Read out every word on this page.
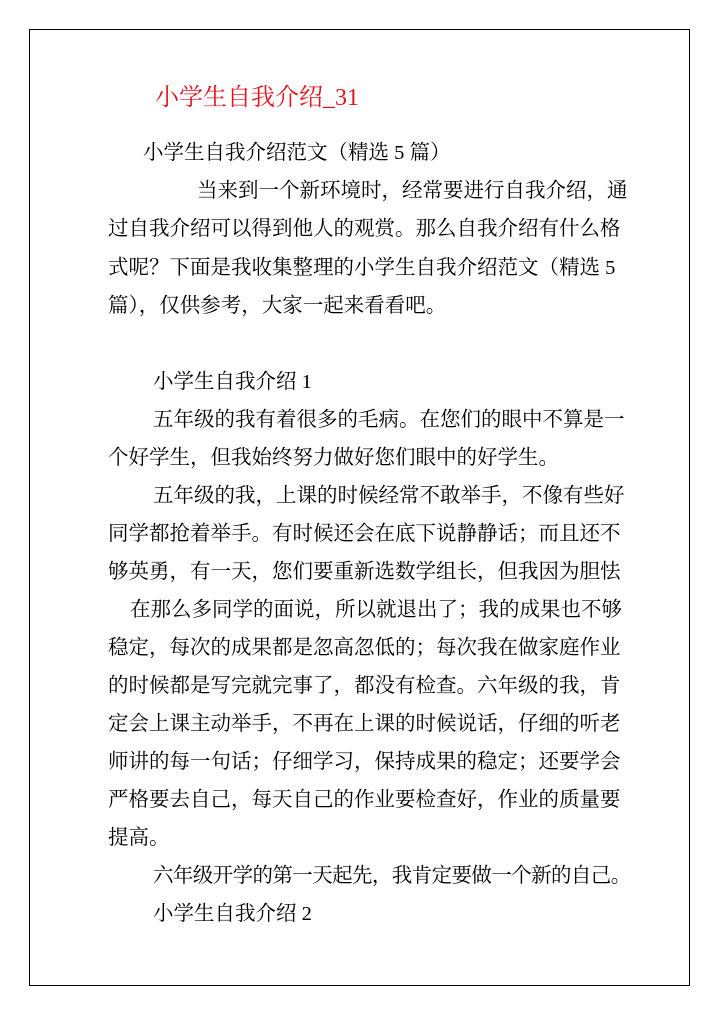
小学生自我介绍_31
小学生自我介绍范文（精选 5 篇）
当来到一个新环境时，经常要进行自我介绍，通
过自我介绍可以得到他人的观赏。那么自我介绍有什么格
式呢？下面是我收集整理的小学生自我介绍范文（精选 5
篇），仅供参考，大家一起来看看吧。
小学生自我介绍 1
五年级的我有着很多的毛病。在您们的眼中不算是一
个好学生，但我始终努力做好您们眼中的好学生。
五年级的我，上课的时候经常不敢举手，不像有些好
同学都抢着举手。有时候还会在底下说静静话；而且还不
够英勇，有一天，您们要重新选数学组长，但我因为胆怯
在那么多同学的面说，所以就退出了；我的成果也不够
稳定，每次的成果都是忽高忽低的；每次我在做家庭作业
的时候都是写完就完事了，都没有检查。六年级的我，肯
定会上课主动举手，不再在上课的时候说话，仔细的听老
师讲的每一句话；仔细学习，保持成果的稳定；还要学会
严格要去自己，每天自己的作业要检查好，作业的质量要
提高。
六年级开学的第一天起先，我肯定要做一个新的自己。
小学生自我介绍 2
